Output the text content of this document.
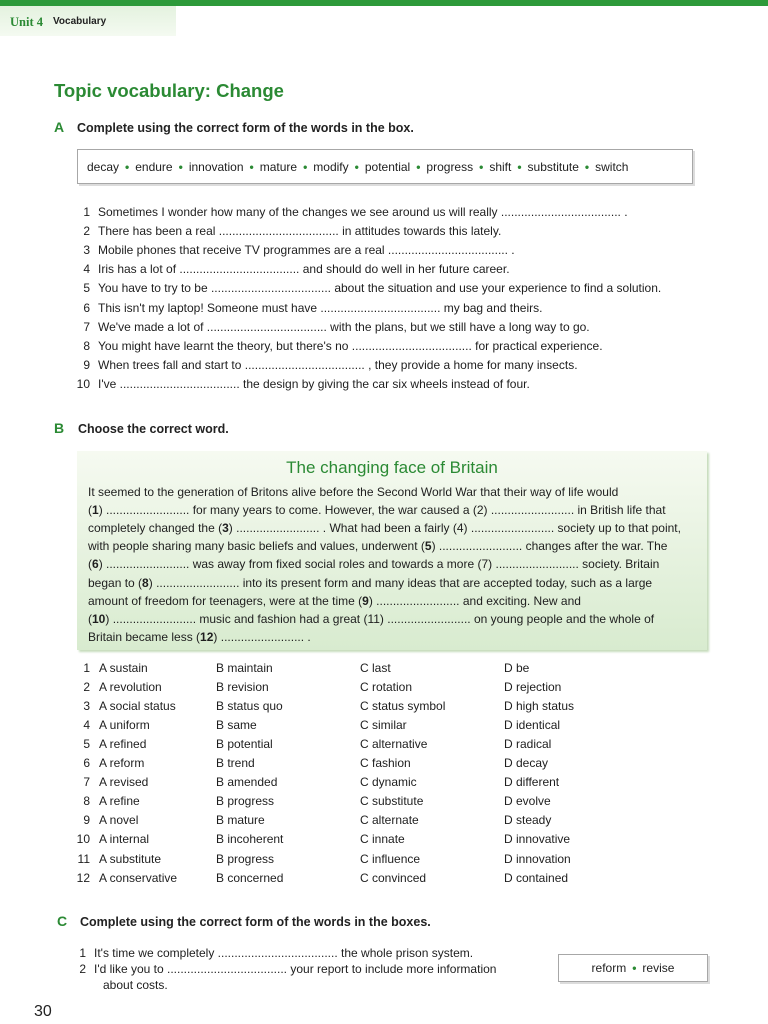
Unit 4 Vocabulary
Topic vocabulary: Change
A Complete using the correct form of the words in the box.
decay • endure • innovation • mature • modify • potential • progress • shift • substitute • switch
1 Sometimes I wonder how many of the changes we see around us will really .................................... .
2 There has been a real .................................... in attitudes towards this lately.
3 Mobile phones that receive TV programmes are a real .................................... .
4 Iris has a lot of .................................... and should do well in her future career.
5 You have to try to be .................................... about the situation and use your experience to find a solution.
6 This isn't my laptop! Someone must have .................................... my bag and theirs.
7 We've made a lot of .................................... with the plans, but we still have a long way to go.
8 You might have learnt the theory, but there's no .................................... for practical experience.
9 When trees fall and start to .................................... , they provide a home for many insects.
10 I've .................................... the design by giving the car six wheels instead of four.
B Choose the correct word.
The changing face of Britain
It seemed to the generation of Britons alive before the Second World War that their way of life would
(1) ......................... for many years to come. However, the war caused a (2) ......................... in British life that
completely changed the (3) ......................... . What had been a fairly (4) ......................... society up to that point,
with people sharing many basic beliefs and values, underwent (5) ......................... changes after the war. The
(6) ......................... was away from fixed social roles and towards a more (7) ......................... society. Britain
began to (8) ......................... into its present form and many ideas that are accepted today, such as a large
amount of freedom for teenagers, were at the time (9) ......................... and exciting. New and
(10) ......................... music and fashion had a great (11) ......................... on young people and the whole of
Britain became less (12) ......................... .
1 A sustain	B maintain	C last	D be
2 A revolution	B revision	C rotation	D rejection
3 A social status	B status quo	C status symbol	D high status
4 A uniform	B same	C similar	D identical
5 A refined	B potential	C alternative	D radical
6 A reform	B trend	C fashion	D decay
7 A revised	B amended	C dynamic	D different
8 A refine	B progress	C substitute	D evolve
9 A novel	B mature	C alternate	D steady
10 A internal	B incoherent	C innate	D innovative
11 A substitute	B progress	C influence	D innovation
12 A conservative	B concerned	C convinced	D contained
C Complete using the correct form of the words in the boxes.
1 It's time we completely .................................... the whole prison system.
2 I'd like you to .................................... your report to include more information
about costs.
reform • revise
30
